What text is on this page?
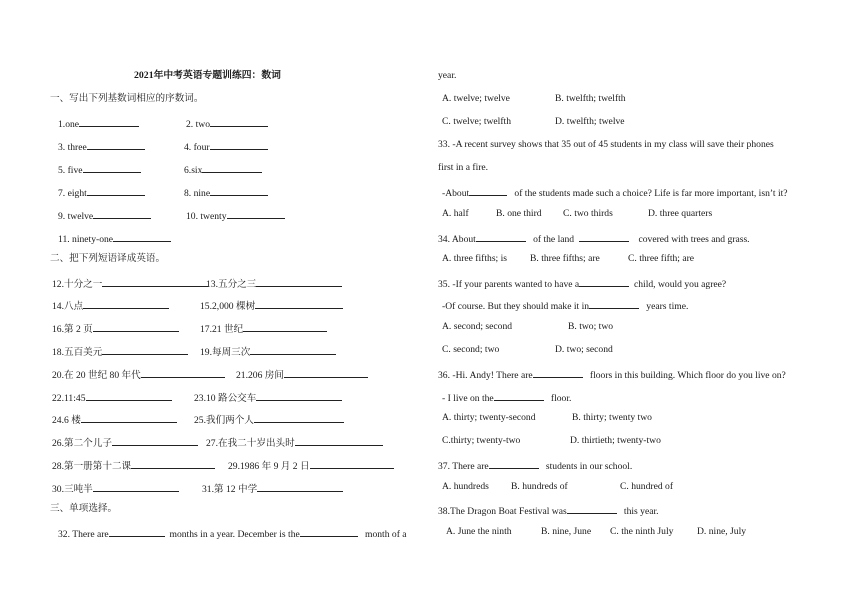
2021年中考英语专题训练四：数词
一、写出下列基数词相应的序数词。
1.one	2. two
3. three	4. four
5. five	6.six
7. eight	8. nine
9. twelve	10. twenty
11. ninety-one
二、把下列短语译成英语。
12.十分之一	13.五分之三
14.八点	15.2,000 棵树
16.第 2 页	17.21 世纪
18.五百美元	19.每周三次
20.在 20 世纪 80 年代	21.206 房间
22.11:45	23.10 路公交车
24.6 楼	25.我们两个人
26.第二个儿子	27.在我二十岁出头时
28.第一册第十二课	29.1986 年 9 月 2 日
30.三吨半	31.第 12 中学
三、单项选择。
32. There are	months in a year. December is the	month of a
year.
A. twelve; twelve	B. twelfth; twelfth
C. twelve; twelfth	D. twelfth; twelve
33. -A recent survey shows that 35 out of 45 students in my class will save their phones
first in a fire.
-About	of the students made such a choice? Life is far more important, isn’t it?
A. half	B. one third C. two thirds	D. three quarters
34. About	of the land	covered with trees and grass.
A. three fifths; is B. three fifths; are	C. three fifth; are
35. -If your parents wanted to have a	child, would you agree?
-Of course. But they should make it in	years time.
A. second; second	B. two; two
C. second; two	D. two; second
36. -Hi. Andy! There are	floors in this building. Which floor do you live on?
- I live on the	floor.
A. thirty; twenty-second	B. thirty; twenty two
C.thirty; twenty-two	D. thirtieth; twenty-two
37. There are	students in our school.
A. hundreds B. hundreds of	C. hundred of
38.The Dragon Boat Festival was	this year.
A. June the ninth	B. nine, June C. the ninth July D. nine, July
